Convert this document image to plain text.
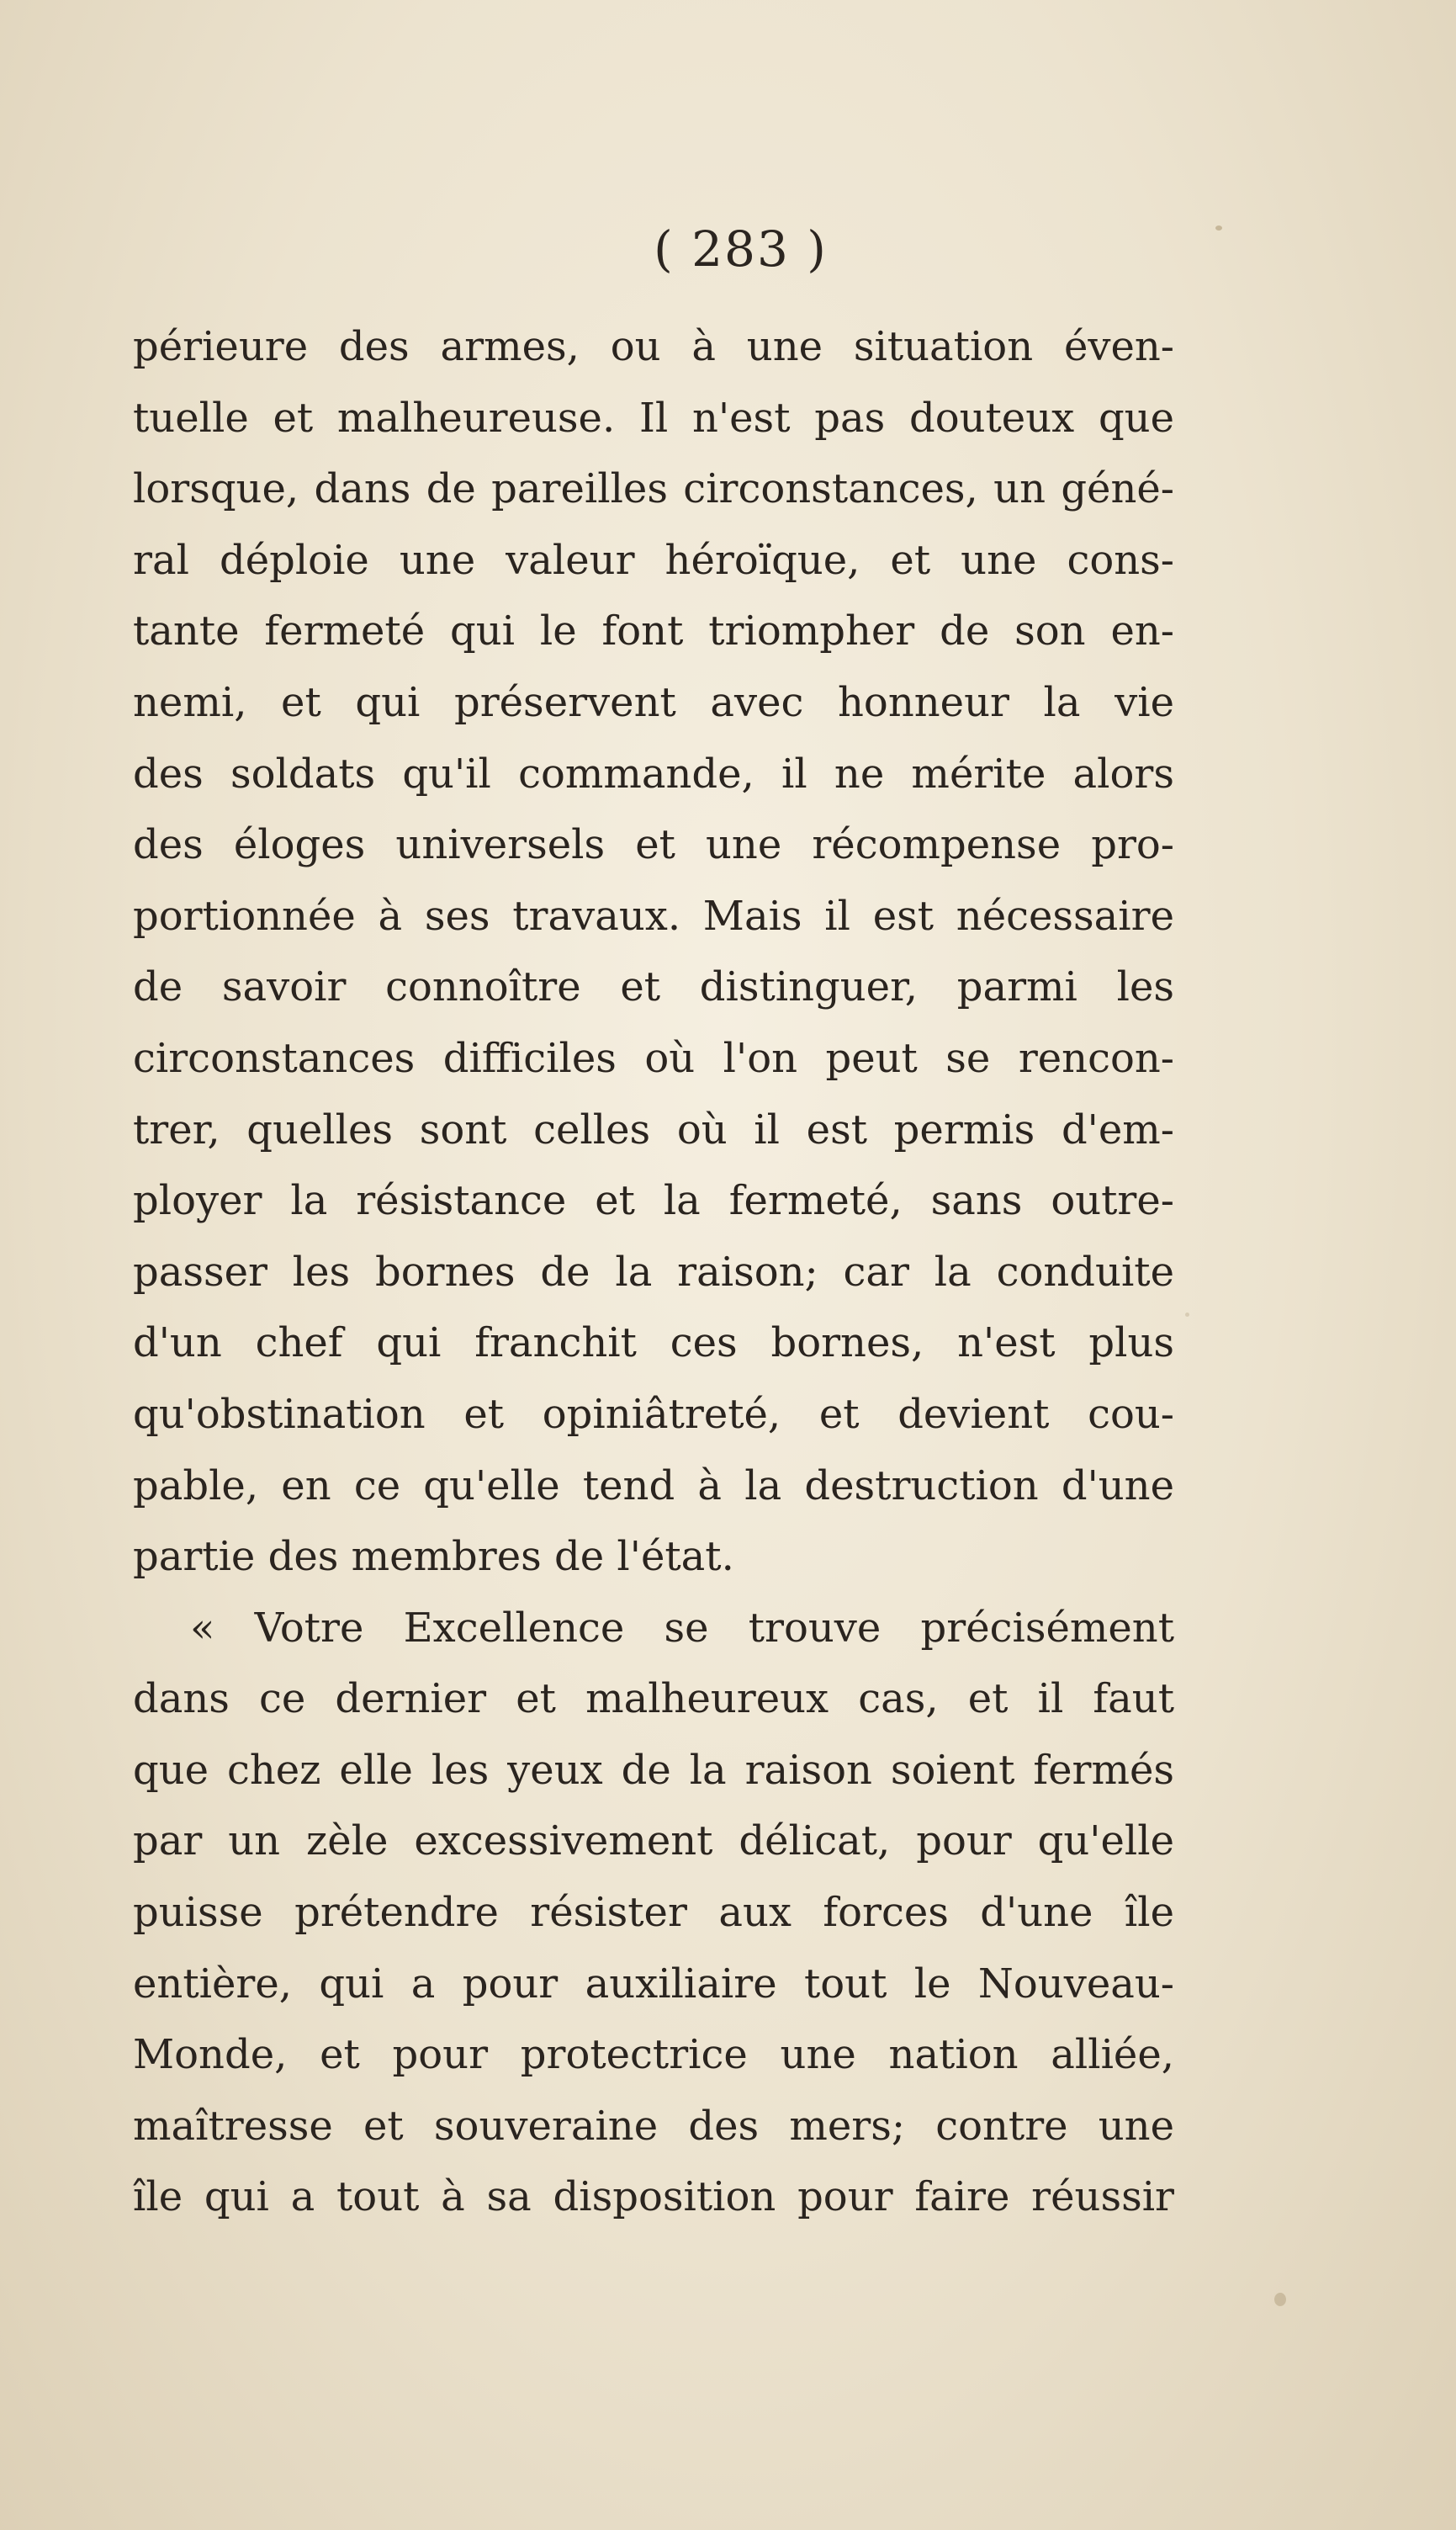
( 283 )
périeure des armes, ou à une situation éven-
tuelle et malheureuse. Il n'est pas douteux que
lorsque, dans de pareilles circonstances, un géné-
ral déploie une valeur héroïque, et une cons-
tante fermeté qui le font triompher de son en-
nemi, et qui préservent avec honneur la vie
des soldats qu'il commande, il ne mérite alors
des éloges universels et une récompense pro-
portionnée à ses travaux. Mais il est nécessaire
de savoir connoître et distinguer, parmi les
circonstances difficiles où l'on peut se rencon-
trer, quelles sont celles où il est permis d'em-
ployer la résistance et la fermeté, sans outre-
passer les bornes de la raison; car la conduite
d'un chef qui franchit ces bornes, n'est plus
qu'obstination et opiniâtreté, et devient cou-
pable, en ce qu'elle tend à la destruction d'une
partie des membres de l'état.
« Votre Excellence se trouve précisément
dans ce dernier et malheureux cas, et il faut
que chez elle les yeux de la raison soient fermés
par un zèle excessivement délicat, pour qu'elle
puisse prétendre résister aux forces d'une île
entière, qui a pour auxiliaire tout le Nouveau-
Monde, et pour protectrice une nation alliée,
maîtresse et souveraine des mers; contre une
île qui a tout à sa disposition pour faire réussir
